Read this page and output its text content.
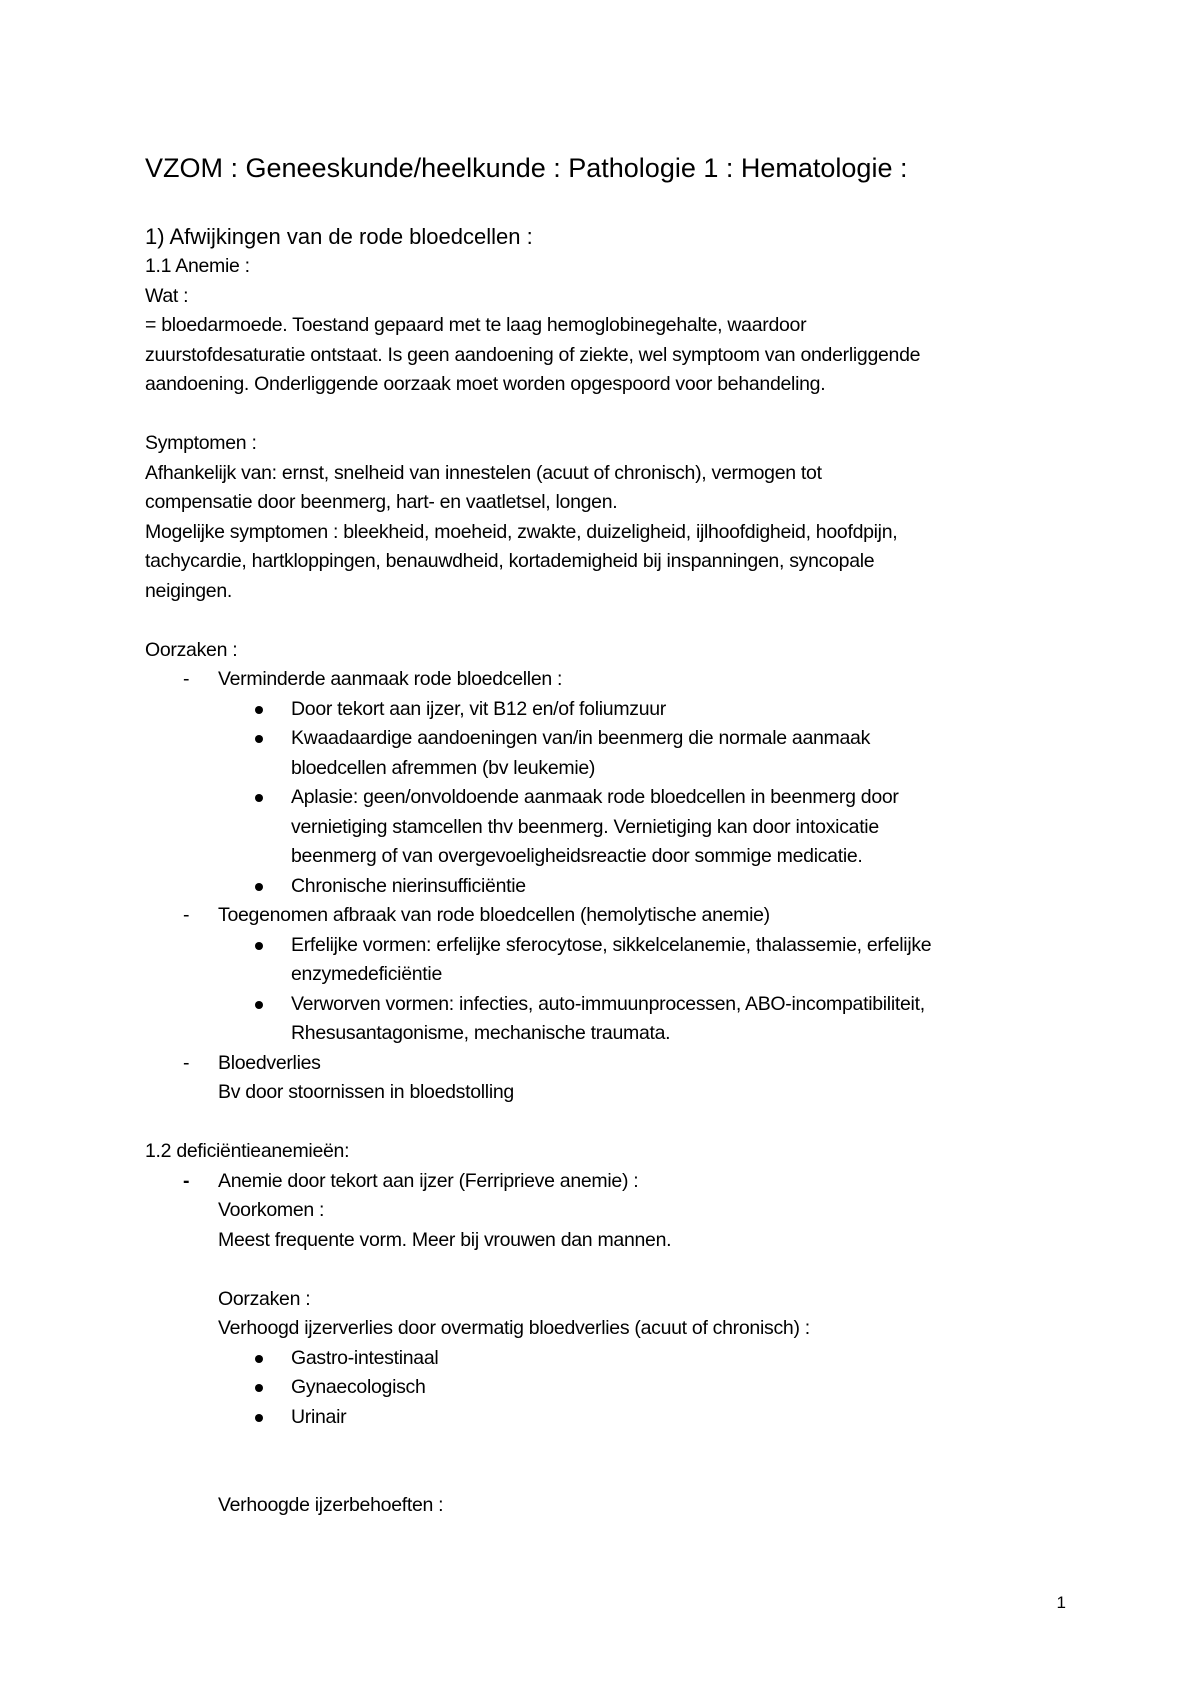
VZOM : Geneeskunde/heelkunde : Pathologie 1 : Hematologie :
1) Afwijkingen van de rode bloedcellen :
1.1 Anemie :
Wat :
= bloedarmoede. Toestand gepaard met te laag hemoglobinegehalte, waardoor
zuurstofdesaturatie ontstaat. Is geen aandoening of ziekte, wel symptoom van onderliggende
aandoening. Onderliggende oorzaak moet worden opgespoord voor behandeling.
Symptomen :
Afhankelijk van: ernst, snelheid van innestelen (acuut of chronisch), vermogen tot
compensatie door beenmerg, hart- en vaatletsel, longen.
Mogelijke symptomen : bleekheid, moeheid, zwakte, duizeligheid, ijlhoofdigheid, hoofdpijn,
tachycardie, hartkloppingen, benauwdheid, kortademigheid bij inspanningen, syncopale
neigingen.
Oorzaken :
- Verminderde aanmaak rode bloedcellen :
Door tekort aan ijzer, vit B12 en/of foliumzuur
Kwaadaardige aandoeningen van/in beenmerg die normale aanmaak
bloedcellen afremmen (bv leukemie)
Aplasie: geen/onvoldoende aanmaak rode bloedcellen in beenmerg door
vernietiging stamcellen thv beenmerg. Vernietiging kan door intoxicatie
beenmerg of van overgevoeligheidsreactie door sommige medicatie.
Chronische nierinsufficiëntie
- Toegenomen afbraak van rode bloedcellen (hemolytische anemie)
Erfelijke vormen: erfelijke sferocytose, sikkelcelanemie, thalassemie, erfelijke
enzymedeficiëntie
Verworven vormen: infecties, auto-immuunprocessen, ABO-incompatibiliteit,
Rhesusantagonisme, mechanische traumata.
- Bloedverlies
Bv door stoornissen in bloedstolling
1.2 deficiëntieanemieën:
- Anemie door tekort aan ijzer (Ferriprieve anemie) :
Voorkomen :
Meest frequente vorm. Meer bij vrouwen dan mannen.
Oorzaken :
Verhoogd ijzerverlies door overmatig bloedverlies (acuut of chronisch) :
Gastro-intestinaal
Gynaecologisch
Urinair
Verhoogde ijzerbehoeften :
1
